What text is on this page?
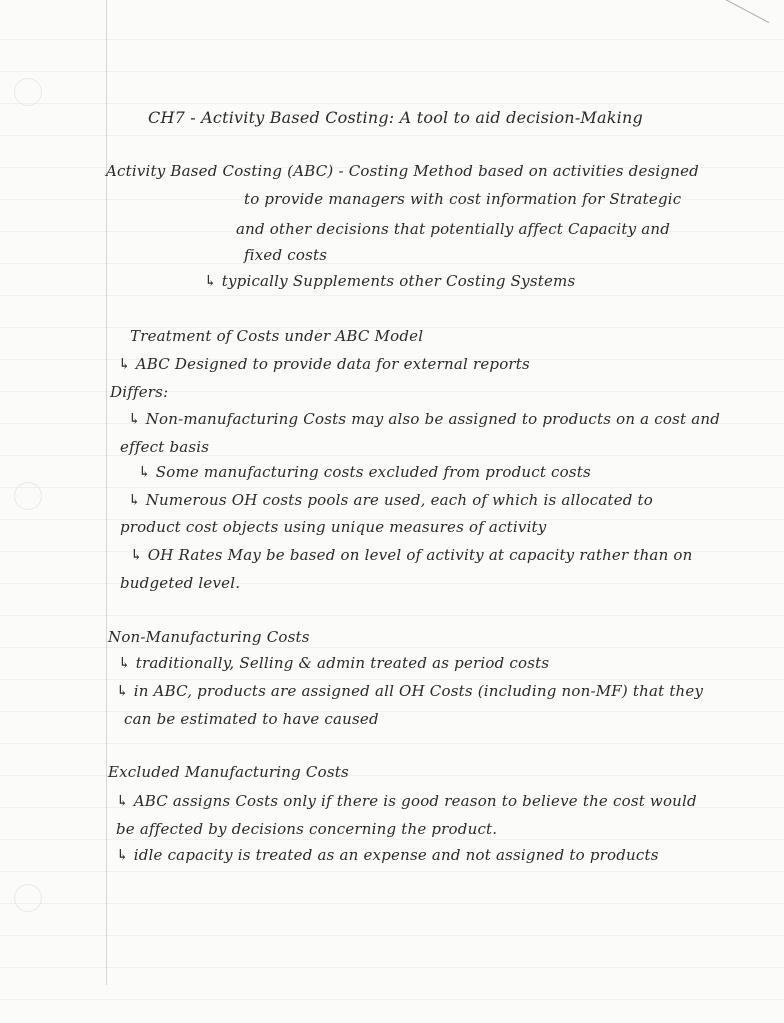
CH7 - Activity Based Costing: A tool to aid decision-Making
Activity Based Costing (ABC) - Costing Method based on activities designed
to provide managers with cost information for Strategic
and other decisions that potentially affect Capacity and
fixed costs
↳ typically Supplements other Costing Systems
Treatment of Costs under ABC Model
↳ ABC Designed to provide data for external reports
Differs:
↳ Non-manufacturing Costs may also be assigned to products on a cost and
effect basis
↳ Some manufacturing costs excluded from product costs
↳ Numerous OH costs pools are used, each of which is allocated to
product cost objects using unique measures of activity
↳ OH Rates May be based on level of activity at capacity rather than on
budgeted level.
Non-Manufacturing Costs
↳ traditionally, Selling & admin treated as period costs
↳ in ABC, products are assigned all OH Costs (including non-MF) that they
can be estimated to have caused
Excluded Manufacturing Costs
↳ ABC assigns Costs only if there is good reason to believe the cost would
be affected by decisions concerning the product.
↳ idle capacity is treated as an expense and not assigned to products
